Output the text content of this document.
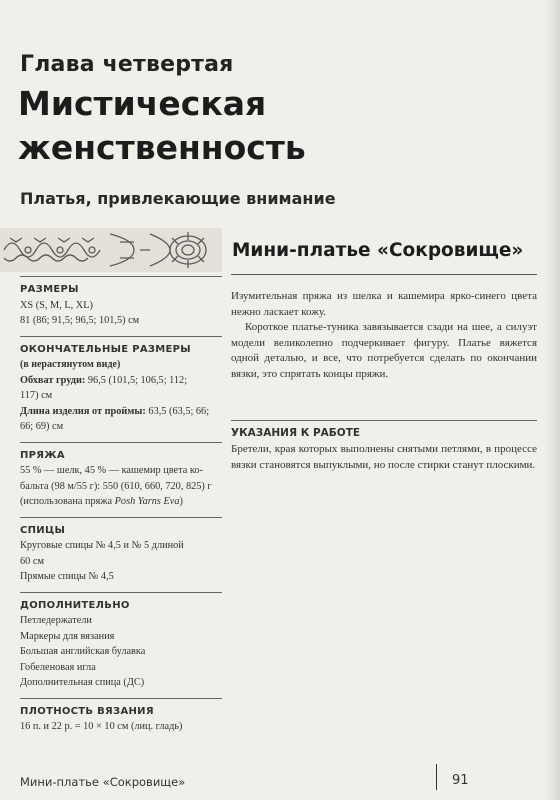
Глава четвертая
Мистическая
женственность
Платья, привлекающие внимание
Мини-платье «Сокровище»
РАЗМЕРЫ

XS (S, M, L, XL)

81 (86; 91,5; 96,5; 101,5) см

ОКОНЧАТЕЛЬНЫЕ РАЗМЕРЫ

(в нерастянутом виде)

Обхват груди: 96,5 (101,5; 106,5; 112;

117) см

Длина изделия от проймы: 63,5 (63,5; 66;

66; 69) см

ПРЯЖА

55 % — шелк, 45 % — кашемир цвета ко-

бальта (98 м/55 г): 550 (610, 660, 720, 825) г

(использована пряжа Posh Yarns Eva)

СПИЦЫ

Круговые спицы № 4,5 и № 5 длиной

60 см

Прямые спицы № 4,5

ДОПОЛНИТЕЛЬНО

Петледержатели

Маркеры для вязания

Большая английская булавка

Гобеленовая игла

Дополнительная спица (ДС)

ПЛОТНОСТЬ ВЯЗАНИЯ

16 п. и 22 р. = 10 × 10 см (лиц. гладь)

Изумительная пряжа из шелка и кашемира ярко-синего цвета нежно ласкает кожу.

Короткое платье-туника завязывается сзади на шее, а силуэт модели великолепно подчеркивает фигуру. Платье вяжется одной деталью, и все, что потребуется сделать по окончании вязки, это спрятать концы пряжи.

УКАЗАНИЯ К РАБОТЕ
Бретели, края которых выполнены снятыми петлями, в процессе вязки становятся выпуклыми, но после стирки станут плоскими.
Мини-платье «Сокровище»	91
